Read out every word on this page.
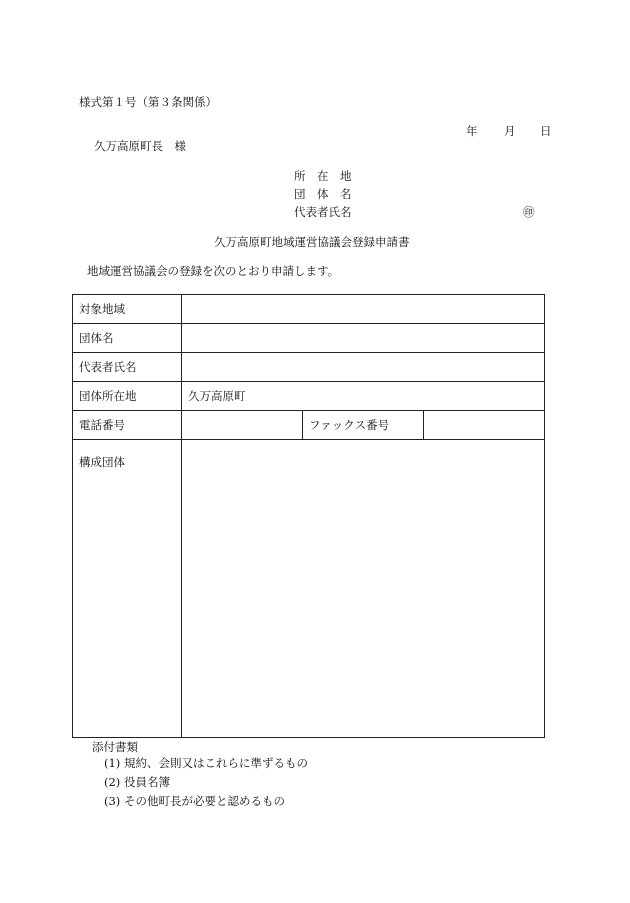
様式第１号（第３条関係）
年 月 日
久万高原町長　様
所　在　地
団　体　名
代表者氏名	㊞
久万高原町地域運営協議会登録申請書
地域運営協議会の登録を次のとおり申請します。
対象地域			
団体名			
代表者氏名			
団体所在地	久万高原町		
電話番号		ファックス番号	
構成団体			
添付書類
(1) 規約、会則又はこれらに準ずるもの
(2) 役員名簿
(3) その他町長が必要と認めるもの
